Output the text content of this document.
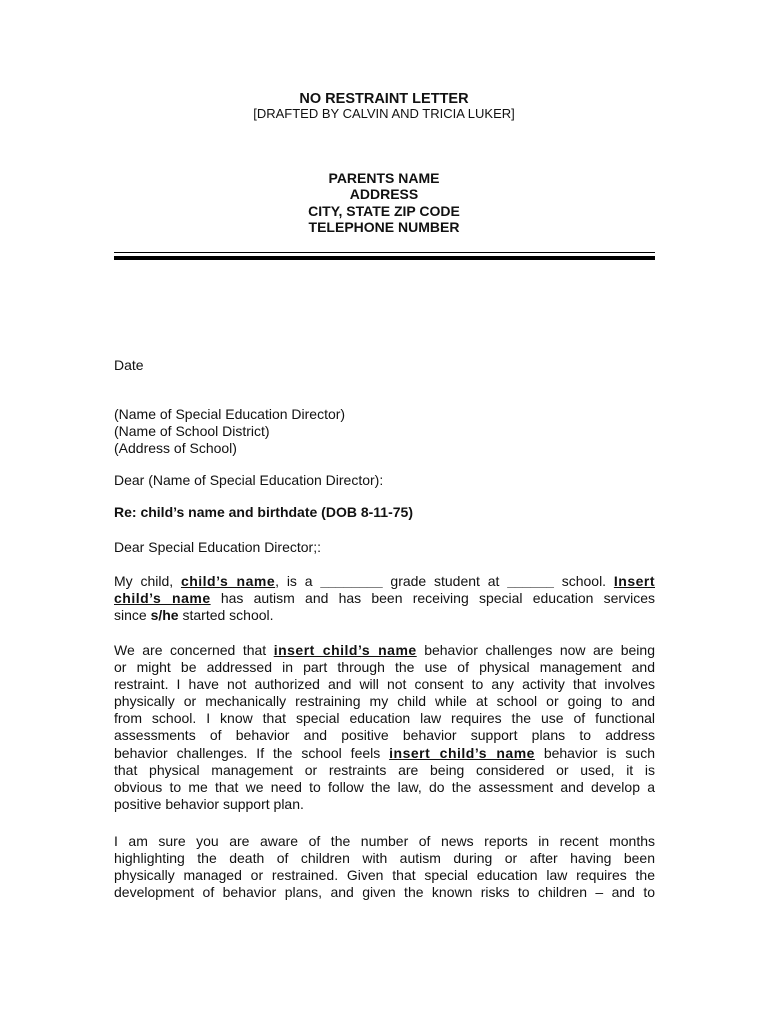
NO RESTRAINT LETTER
[DRAFTED BY CALVIN AND TRICIA LUKER]
PARENTS NAME
ADDRESS
CITY, STATE ZIP CODE
TELEPHONE NUMBER
Date
(Name of Special Education Director)
(Name of School District)
(Address of School)
Dear (Name of Special Education Director):
Re: child’s name and birthdate (DOB 8-11-75)
Dear Special Education Director;:
My child, child’s name, is a ________ grade student at ______ school. Insert
child’s name has autism and has been receiving special education services
since s/he started school.
We are concerned that insert child’s name behavior challenges now are being
or might be addressed in part through the use of physical management and
restraint. I have not authorized and will not consent to any activity that involves
physically or mechanically restraining my child while at school or going to and
from school. I know that special education law requires the use of functional
assessments of behavior and positive behavior support plans to address
behavior challenges. If the school feels insert child’s name behavior is such
that physical management or restraints are being considered or used, it is
obvious to me that we need to follow the law, do the assessment and develop a
positive behavior support plan.
I am sure you are aware of the number of news reports in recent months
highlighting the death of children with autism during or after having been
physically managed or restrained. Given that special education law requires the
development of behavior plans, and given the known risks to children – and to
